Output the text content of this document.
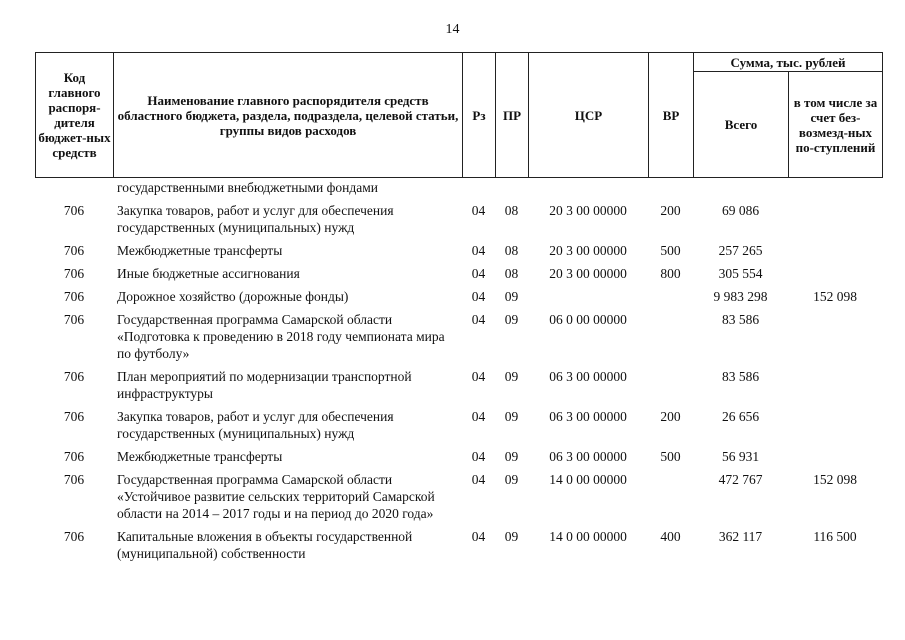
14
Код главного распоря-дителя бюджет-ных средств	Наименование главного распорядителя средств областного бюджета, раздела, подраздела, целевой статьи, группы видов расходов	Рз	ПР	ЦСР	ВР	Сумма, тыс. рублей	
						Всего	в том числе за счет без-возмезд-ных по-ступлений
	государственными внебюджетными фондами						

706	Закупка товаров, работ и услуг для обеспечения государственных (муниципальных) нужд	04	08	20 3 00 00000	200	69 086	

706	Межбюджетные трансферты	04	08	20 3 00 00000	500	257 265	

706	Иные бюджетные ассигнования	04	08	20 3 00 00000	800	305 554	

706	Дорожное хозяйство (дорожные фонды)	04	09			9 983 298	152 098

706	Государственная программа Самарской области «Подготовка к проведению в 2018 году чемпионата мира по футболу»	04	09	06 0 00 00000		83 586	

706	План мероприятий по модернизации транспортной инфраструктуры	04	09	06 3 00 00000		83 586	

706	Закупка товаров, работ и услуг для обеспечения государственных (муниципальных) нужд	04	09	06 3 00 00000	200	26 656	

706	Межбюджетные трансферты	04	09	06 3 00 00000	500	56 931	

706	Государственная программа Самарской области «Устойчивое развитие сельских территорий Самарской области на 2014 – 2017 годы и на период до 2020 года»	04	09	14 0 00 00000		472 767	152 098

706	Капитальные вложения в объекты государственной (муниципальной) собственности	04	09	14 0 00 00000	400	362 117	116 500
